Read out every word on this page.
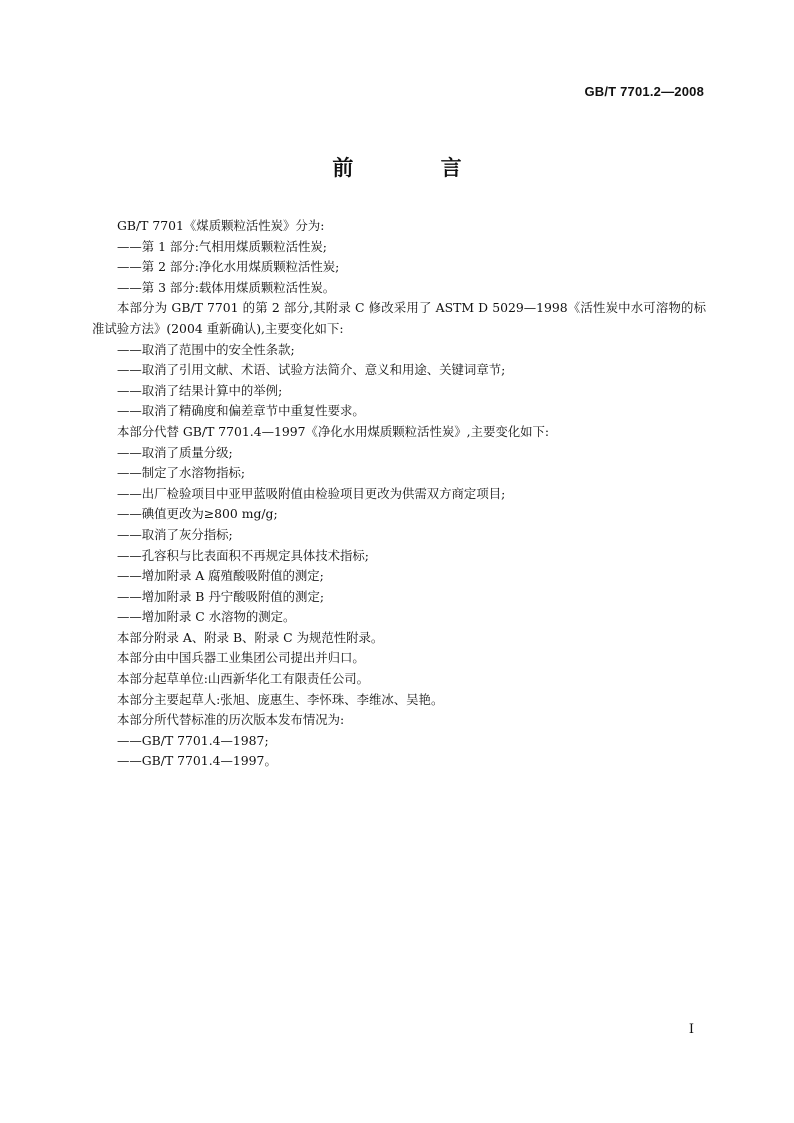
GB/T 7701.2—2008
前 言

GB/T 7701《煤质颗粒活性炭》分为:

——第 1 部分:气相用煤质颗粒活性炭;

——第 2 部分:净化水用煤质颗粒活性炭;

——第 3 部分:载体用煤质颗粒活性炭。

本部分为 GB/T 7701 的第 2 部分,其附录 C 修改采用了 ASTM D 5029—1998《活性炭中水可溶物的标准试验方法》(2004 重新确认),主要变化如下:

——取消了范围中的安全性条款;

——取消了引用文献、术语、试验方法简介、意义和用途、关键词章节;

——取消了结果计算中的举例;

——取消了精确度和偏差章节中重复性要求。

本部分代替 GB/T 7701.4—1997《净化水用煤质颗粒活性炭》,主要变化如下:

——取消了质量分级;

——制定了水溶物指标;

——出厂检验项目中亚甲蓝吸附值由检验项目更改为供需双方商定项目;

——碘值更改为≥800 mg/g;

——取消了灰分指标;

——孔容积与比表面积不再规定具体技术指标;

——增加附录 A 腐殖酸吸附值的测定;

——增加附录 B 丹宁酸吸附值的测定;

——增加附录 C 水溶物的测定。

本部分附录 A、附录 B、附录 C 为规范性附录。

本部分由中国兵器工业集团公司提出并归口。

本部分起草单位:山西新华化工有限责任公司。

本部分主要起草人:张旭、庞惠生、李怀珠、李维冰、吴艳。

本部分所代替标准的历次版本发布情况为:

——GB/T 7701.4—1987;

——GB/T 7701.4—1997。

I
